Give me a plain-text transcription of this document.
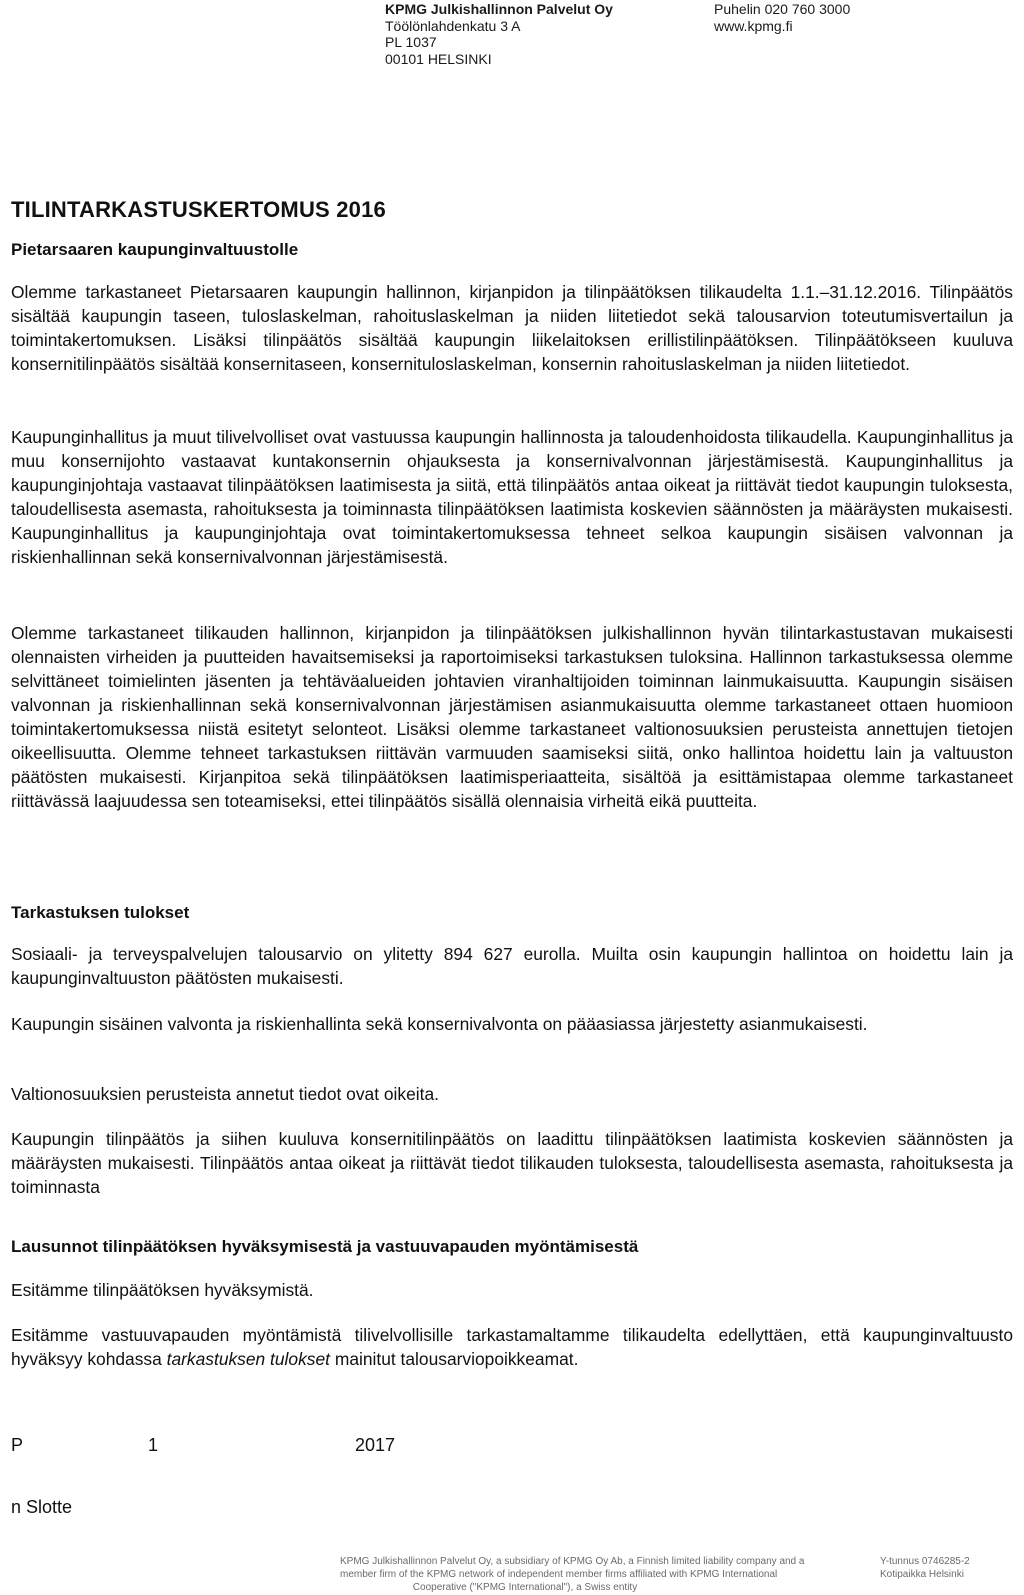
KPMG Julkishallinnon Palvelut Oy
Töölönlahdenkatu 3 A
PL 1037
00101 HELSINKI
Puhelin 020 760 3000
www.kpmg.fi
TILINTARKASTUSKERTOMUS 2016
Pietarsaaren kaupunginvaltuustolle

Olemme tarkastaneet Pietarsaaren kaupungin hallinnon, kirjanpidon ja tilinpäätöksen tilikaudelta 1.1.–31.12.2016. Tilinpäätös sisältää kaupungin taseen, tuloslaskelman, rahoituslaskelman ja niiden liitetiedot sekä talousarvion toteutumisvertailun ja toimintakertomuksen. Lisäksi tilinpäätös sisältää kaupungin liikelaitoksen erillistilinpäätöksen. Tilinpäätökseen kuuluva konsernitilinpäätös sisältää konsernitaseen, konsernituloslaskelman, konsernin rahoituslaskelman ja niiden liitetiedot.

Kaupunginhallitus ja muut tilivelvolliset ovat vastuussa kaupungin hallinnosta ja taloudenhoidosta tilikaudella. Kaupunginhallitus ja muu konsernijohto vastaavat kuntakonsernin ohjauksesta ja konsernivalvonnan järjestämisestä. Kaupunginhallitus ja kaupunginjohtaja vastaavat tilinpäätöksen laatimisesta ja siitä, että tilinpäätös antaa oikeat ja riittävät tiedot kaupungin tuloksesta, taloudellisesta asemasta, rahoituksesta ja toiminnasta tilinpäätöksen laatimista koskevien säännösten ja määräysten mukaisesti. Kaupunginhallitus ja kaupunginjohtaja ovat toimintakertomuksessa tehneet selkoa kaupungin sisäisen valvonnan ja riskienhallinnan sekä konsernivalvonnan järjestämisestä.

Olemme tarkastaneet tilikauden hallinnon, kirjanpidon ja tilinpäätöksen julkishallinnon hyvän tilintarkastustavan mukaisesti olennaisten virheiden ja puutteiden havaitsemiseksi ja raportoimiseksi tarkastuksen tuloksina. Hallinnon tarkastuksessa olemme selvittäneet toimielinten jäsenten ja tehtäväalueiden johtavien viranhaltijoiden toiminnan lainmukaisuutta. Kaupungin sisäisen valvonnan ja riskienhallinnan sekä konsernivalvonnan järjestämisen asianmukaisuutta olemme tarkastaneet ottaen huomioon toimintakertomuksessa niistä esitetyt selonteot. Lisäksi olemme tarkastaneet valtionosuuksien perusteista annettujen tietojen oikeellisuutta. Olemme tehneet tarkastuksen riittävän varmuuden saamiseksi siitä, onko hallintoa hoidettu lain ja valtuuston päätösten mukaisesti. Kirjanpitoa sekä tilinpäätöksen laatimisperiaatteita, sisältöä ja esittämistapaa olemme tarkastaneet riittävässä laajuudessa sen toteamiseksi, ettei tilinpäätös sisällä olennaisia virheitä eikä puutteita.

Tarkastuksen tulokset

Sosiaali- ja terveyspalvelujen talousarvio on ylitetty 894 627 eurolla. Muilta osin kaupungin hallintoa on hoidettu lain ja kaupunginvaltuuston päätösten mukaisesti.

Kaupungin sisäinen valvonta ja riskienhallinta sekä konsernivalvonta on pääasiassa järjestetty asianmukaisesti.

Valtionosuuksien perusteista annetut tiedot ovat oikeita.

Kaupungin tilinpäätös ja siihen kuuluva konsernitilinpäätös on laadittu tilinpäätöksen laatimista koskevien säännösten ja määräysten mukaisesti. Tilinpäätös antaa oikeat ja riittävät tiedot tilikauden tuloksesta, taloudellisesta asemasta, rahoituksesta ja toiminnasta

Lausunnot tilinpäätöksen hyväksymisestä ja vastuuvapauden myöntämisestä

Esitämme tilinpäätöksen hyväksymistä.

Esitämme vastuuvapauden myöntämistä tilivelvollisille tarkastamaltamme tilikaudelta edellyttäen, että kaupunginvaltuusto hyväksyy kohdassa tarkastuksen tulokset mainitut talousarviopoikkeamat.

P	1	2017
n Slotte
KPMG Julkishallinnon Palvelut Oy, a subsidiary of KPMG Oy Ab, a Finnish limited liability company and a
member firm of the KPMG network of independent member firms affiliated with KPMG International
Cooperative ("KPMG International"), a Swiss entity
Y-tunnus 0746285-2
Kotipaikka Helsinki
